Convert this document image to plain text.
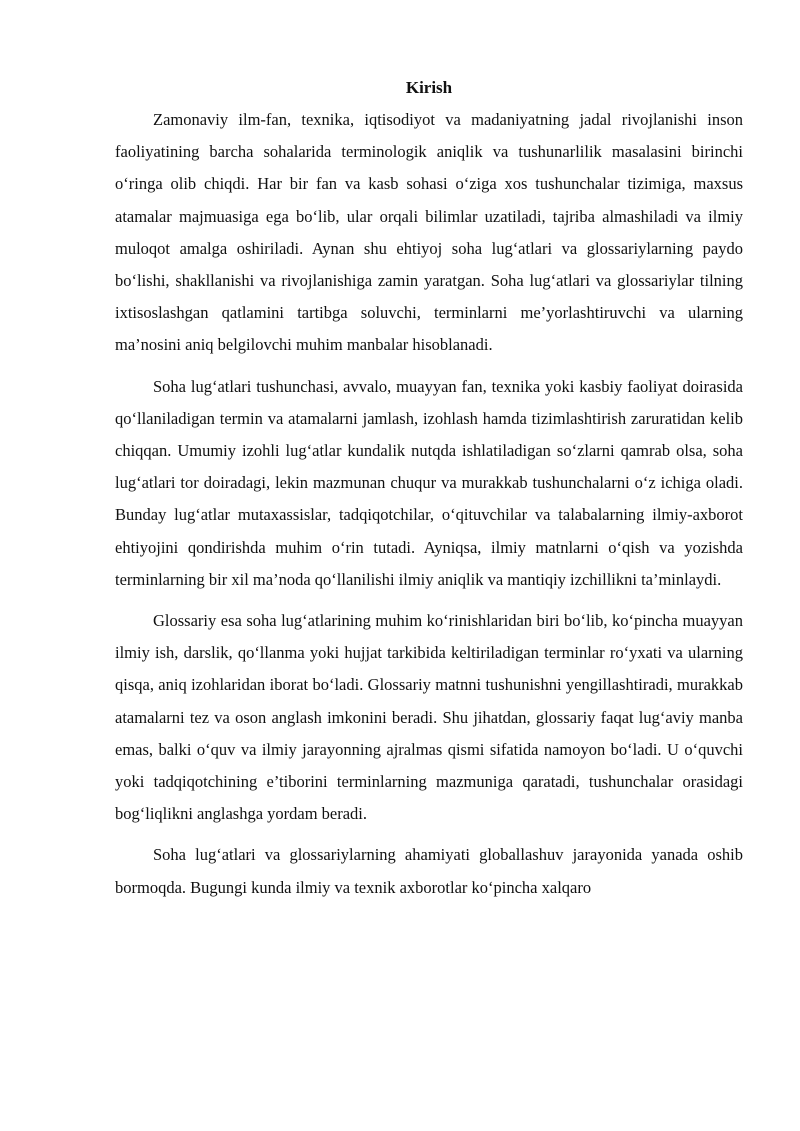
Kirish

Zamonaviy ilm-fan, texnika, iqtisodiyot va madaniyatning jadal rivojlanishi inson faoliyatining barcha sohalarida terminologik aniqlik va tushunarlilik masalasini birinchi o‘ringa olib chiqdi. Har bir fan va kasb sohasi o‘ziga xos tushunchalar tizimiga, maxsus atamalar majmuasiga ega bo‘lib, ular orqali bilimlar uzatiladi, tajriba almashiladi va ilmiy muloqot amalga oshiriladi. Aynan shu ehtiyoj soha lug‘atlari va glossariylarning paydo bo‘lishi, shakllanishi va rivojlanishiga zamin yaratgan. Soha lug‘atlari va glossariylar tilning ixtisoslashgan qatlamini tartibga soluvchi, terminlarni me’yorlashtiruvchi va ularning ma’nosini aniq belgilovchi muhim manbalar hisoblanadi.

Soha lug‘atlari tushunchasi, avvalo, muayyan fan, texnika yoki kasbiy faoliyat doirasida qo‘llaniladigan termin va atamalarni jamlash, izohlash hamda tizimlashtirish zaruratidan kelib chiqqan. Umumiy izohli lug‘atlar kundalik nutqda ishlatiladigan so‘zlarni qamrab olsa, soha lug‘atlari tor doiradagi, lekin mazmunan chuqur va murakkab tushunchalarni o‘z ichiga oladi. Bunday lug‘atlar mutaxassislar, tadqiqotchilar, o‘qituvchilar va talabalarning ilmiy-axborot ehtiyojini qondirishda muhim o‘rin tutadi. Ayniqsa, ilmiy matnlarni o‘qish va yozishda terminlarning bir xil ma’noda qo‘llanilishi ilmiy aniqlik va mantiqiy izchillikni ta’minlaydi.

Glossariy esa soha lug‘atlarining muhim ko‘rinishlaridan biri bo‘lib, ko‘pincha muayyan ilmiy ish, darslik, qo‘llanma yoki hujjat tarkibida keltiriladigan terminlar ro‘yxati va ularning qisqa, aniq izohlaridan iborat bo‘ladi. Glossariy matnni tushunishni yengillashtiradi, murakkab atamalarni tez va oson anglash imkonini beradi. Shu jihatdan, glossariy faqat lug‘aviy manba emas, balki o‘quv va ilmiy jarayonning ajralmas qismi sifatida namoyon bo‘ladi. U o‘quvchi yoki tadqiqotchining e’tiborini terminlarning mazmuniga qaratadi, tushunchalar orasidagi bog‘liqlikni anglashga yordam beradi.

Soha lug‘atlari va glossariylarning ahamiyati globallashuv jarayonida yanada oshib bormoqda. Bugungi kunda ilmiy va texnik axborotlar ko‘pincha xalqaro
